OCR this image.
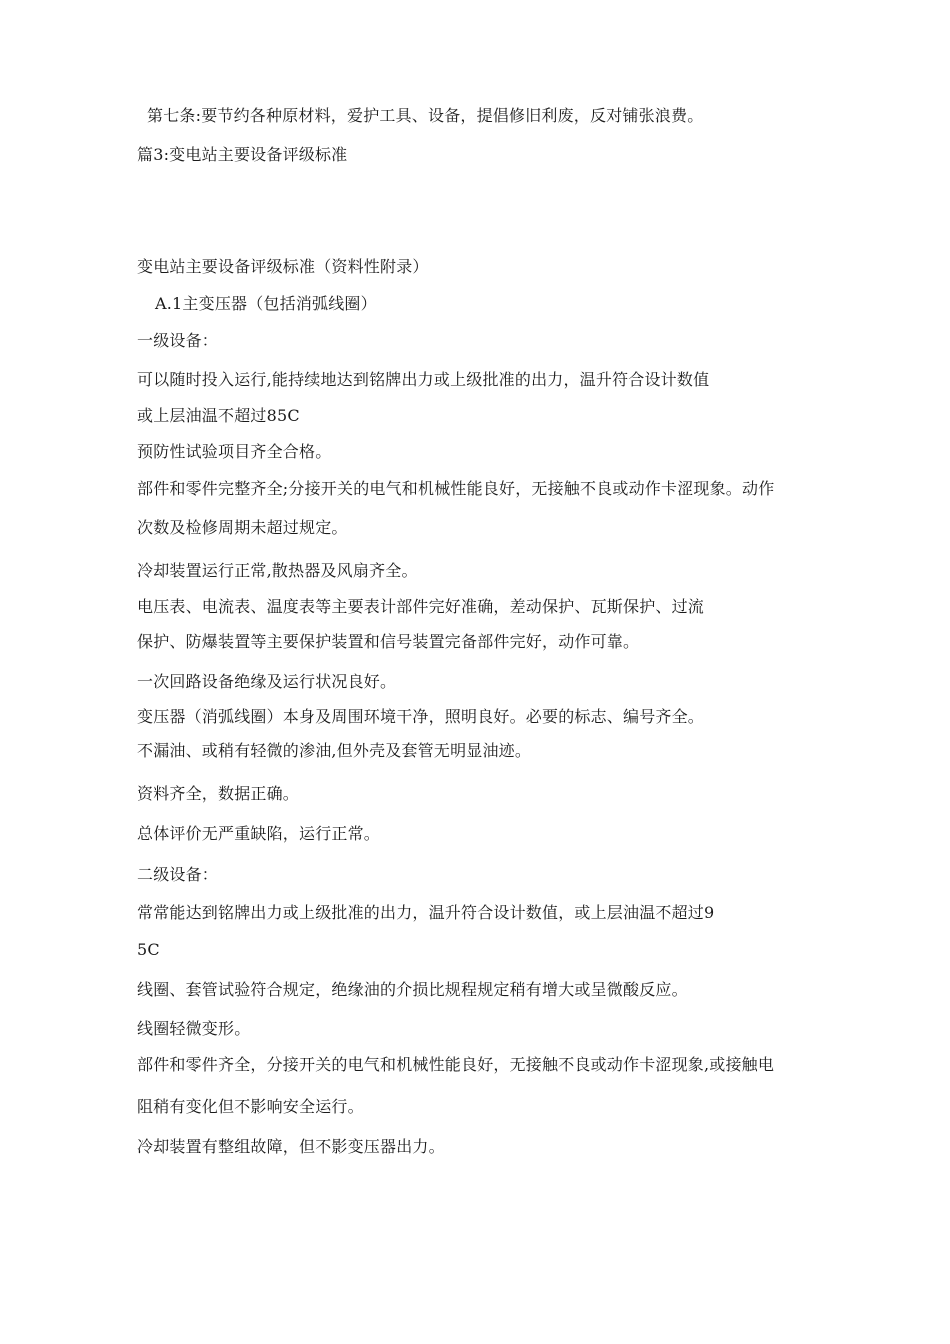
第七条:要节约各种原材料，爱护工具、设备，提倡修旧利废，反对铺张浪费。
篇3:变电站主要设备评级标准
变电站主要设备评级标准（资料性附录）
A.1主变压器（包括消弧线圈）
一级设备：
可以随时投入运行,能持续地达到铭牌出力或上级批准的出力，温升符合设计数值
或上层油温不超过85C
预防性试验项目齐全合格。
部件和零件完整齐全;分接开关的电气和机械性能良好，无接触不良或动作卡涩现象。动作
次数及检修周期未超过规定。
冷却装置运行正常,散热器及风扇齐全。
电压表、电流表、温度表等主要表计部件完好准确，差动保护、瓦斯保护、过流
保护、防爆装置等主要保护装置和信号装置完备部件完好，动作可靠。
一次回路设备绝缘及运行状况良好。
变压器（消弧线圈）本身及周围环境干净，照明良好。必要的标志、编号齐全。
不漏油、或稍有轻微的渗油,但外壳及套管无明显油迹。
资料齐全，数据正确。
总体评价无严重缺陷，运行正常。
二级设备：
常常能达到铭牌出力或上级批准的出力，温升符合设计数值，或上层油温不超过9
5C
线圈、套管试验符合规定，绝缘油的介损比规程规定稍有增大或呈微酸反应。
线圈轻微变形。
部件和零件齐全，分接开关的电气和机械性能良好，无接触不良或动作卡涩现象,或接触电
阻稍有变化但不影响安全运行。
冷却装置有整组故障，但不影变压器出力。
